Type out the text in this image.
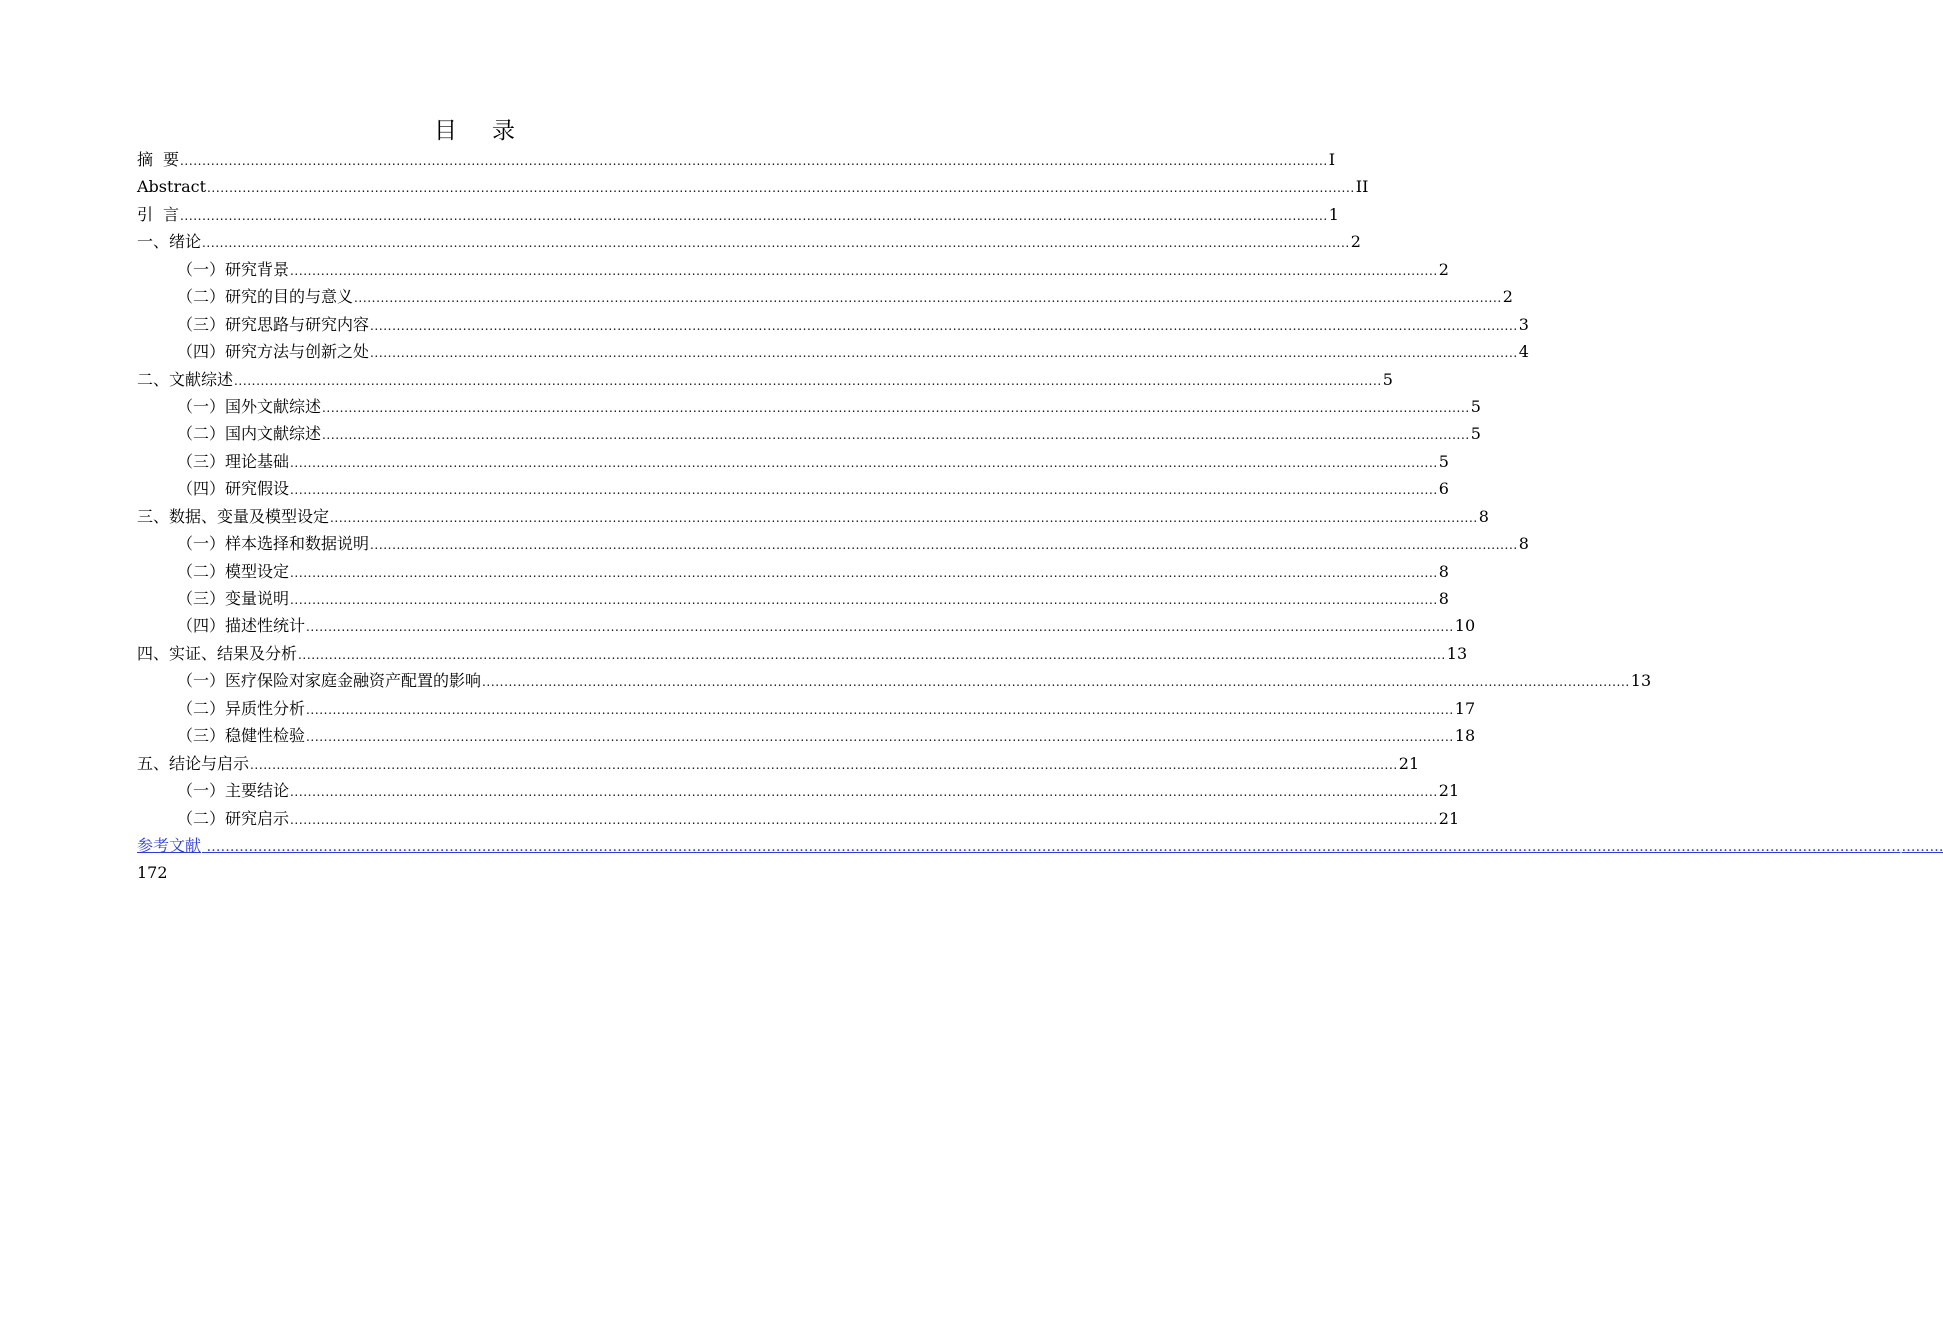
目 录
摘要
.................................................................................................................................................................................................................................................................... I
Abstract .................................................................................................................................................................................................................................................................... II
引言
.................................................................................................................................................................................................................................................................... 1
一、绪论 .................................................................................................................................................................................................................................................................... 2
（一）研究背景 .................................................................................................................................................................................................................................................................... 2
（二）研究的目的与意义 .................................................................................................................................................................................................................................................................... 2
（三）研究思路与研究内容 .................................................................................................................................................................................................................................................................... 3
（四）研究方法与创新之处 .................................................................................................................................................................................................................................................................... 4
二、文献综述 .................................................................................................................................................................................................................................................................... 5
（一）国外文献综述 .................................................................................................................................................................................................................................................................... 5
（二）国内文献综述 .................................................................................................................................................................................................................................................................... 5
（三）理论基础 .................................................................................................................................................................................................................................................................... 5
（四）研究假设 .................................................................................................................................................................................................................................................................... 6
三、数据、变量及模型设定 .................................................................................................................................................................................................................................................................... 8
（一）样本选择和数据说明 .................................................................................................................................................................................................................................................................... 8
（二）模型设定 .................................................................................................................................................................................................................................................................... 8
（三）变量说明 .................................................................................................................................................................................................................................................................... 8
（四）描述性统计 .................................................................................................................................................................................................................................................................... 10
四、实证、结果及分析 .................................................................................................................................................................................................................................................................... 13
（一）医疗保险对家庭金融资产配置的影响 .................................................................................................................................................................................................................................................................... 13
（二）异质性分析 .................................................................................................................................................................................................................................................................... 17
（三）稳健性检验 .................................................................................................................................................................................................................................................................... 18
五、结论与启示 .................................................................................................................................................................................................................................................................... 21
（一）主要结论 .................................................................................................................................................................................................................................................................... 21
（二）研究启示 .................................................................................................................................................................................................................................................................... 21
参考文献 ………………………………………………………………………………………………………………………………………………………………………………………………………………………………………………………………………………………………………………………………… ………
172
